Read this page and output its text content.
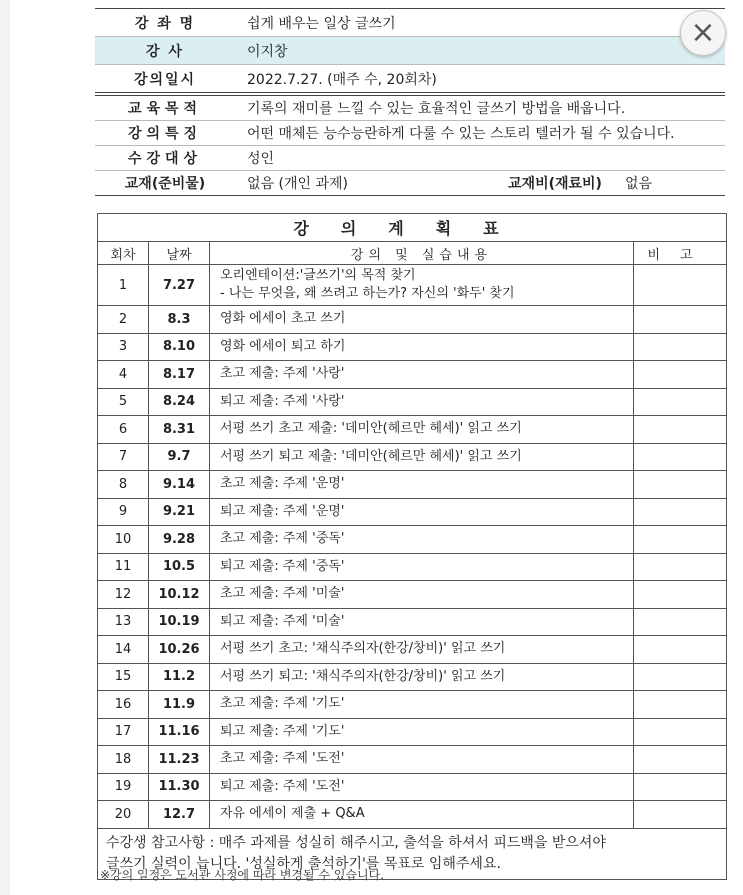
강 좌 명	쉽게 배우는 일상 글쓰기
강 사	이지창
강의일시	2022.7.27. (매주 수, 20회차)
×
교육목적	기록의 재미를 느낄 수 있는 효율적인 글쓰기 방법을 배웁니다.		
강의특징	어떤 매체든 능수능란하게 다룰 수 있는 스토리 텔러가 될 수 있습니다.		
수강대상	성인		
교재(준비물)	없음 (개인 과제)	교재비(재료비)	없음
강의계획표			
회차	날짜	강의 및 실습내용	비고
1	7.27	오리엔테이션:'글쓰기'의 목적 찾기
- 나는 무엇을, 왜 쓰려고 하는가? 자신의 '화두' 찾기	

2	8.3	영화 에세이 초고 쓰기	

3	8.10	영화 에세이 퇴고 하기	

4	8.17	초고 제출: 주제 '사랑'	

5	8.24	퇴고 제출: 주제 '사랑'	

6	8.31	서평 쓰기 초고 제출: '데미안(헤르만 헤세)' 읽고 쓰기	

7	9.7	서평 쓰기 퇴고 제출: '데미안(헤르만 헤세)' 읽고 쓰기	

8	9.14	초고 제출: 주제 '운명'	

9	9.21	퇴고 제출: 주제 '운명'	

10	9.28	초고 제출: 주제 '중독'	

11	10.5	퇴고 제출: 주제 '중독'	

12	10.12	초고 제출: 주제 '미술'	

13	10.19	퇴고 제출: 주제 '미술'	

14	10.26	서평 쓰기 초고: '채식주의자(한강/창비)' 읽고 쓰기	

15	11.2	서평 쓰기 퇴고: '채식주의자(한강/창비)' 읽고 쓰기	

16	11.9	초고 제출: 주제 '기도'	

17	11.16	퇴고 제출: 주제 '기도'	

18	11.23	초고 제출: 주제 '도전'	

19	11.30	퇴고 제출: 주제 '도전'	

20	12.7	자유 에세이 제출 + Q&A	

수강생 참고사항 : 매주 과제를 성실히 해주시고, 출석을 하셔서 피드백을 받으셔야
글쓰기 실력이 늡니다. '성실하게 출석하기'를 목표로 임해주세요.			
※강의 일정은 도서관 사정에 따라 변경될 수 있습니다.
